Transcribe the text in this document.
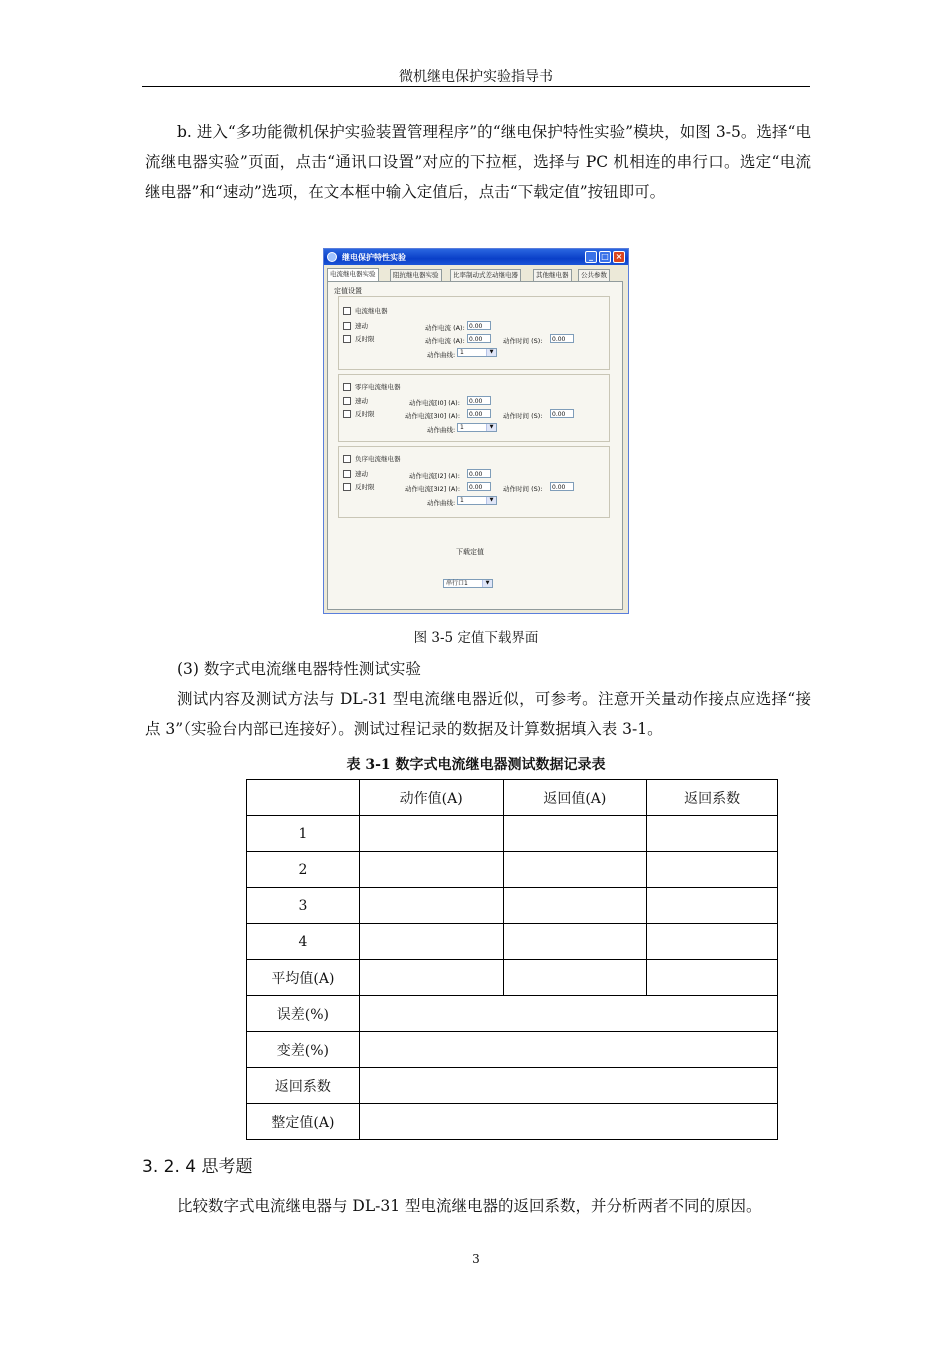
微机继电保护实验指导书

b. 进入“多功能微机保护实验装置管理程序”的“继电保护特性实验”模块，如图 3-5。选择“电流继电器实验”页面，点击“通讯口设置”对应的下拉框，选择与 PC 机相连的串行口。选定“电流继电器”和“速动”选项，在文本框中输入定值后，点击“下载定值”按钮即可。

继电保护特性实验	_	□ ×
电流继电器实验	阻抗继电器实验	比率制动式差动继电器	其他继电器	公共参数
定值设置
电流继电器
速动
反时限
动作电流 (A): 0.00
动作电流 (A): 0.00	动作时间 (S):	0.00
动作曲线: 1	▼
零序电流继电器
速动
反时限
动作电流[I0] (A):	0.00
动作电流[3I0] (A):	0.00	动作时间 (S):	0.00
动作曲线: 1	▼
负序电流继电器
速动
反时限
动作电流[I2] (A):	0.00
动作电流[3I2] (A):	0.00	动作时间 (S):	0.00
动作曲线: 1	▼
下载定值
串行口1	▼
图 3-5 定值下载界面

(3) 数字式电流继电器特性测试实验

测试内容及测试方法与 DL-31 型电流继电器近似，可参考。注意开关量动作接点应选择“接点 3”（实验台内部已连接好）。测试过程记录的数据及计算数据填入表 3-1。

表 3-1 数字式电流继电器测试数据记录表
	动作值(A)	返回值(A)	返回系数
1			
2			
3			
4			
平均值(A)			
误差(%)			
变差(%)			
返回系数			
整定值(A)			
3. 2. 4 思考题

比较数字式电流继电器与 DL-31 型电流继电器的返回系数，并分析两者不同的原因。

3
